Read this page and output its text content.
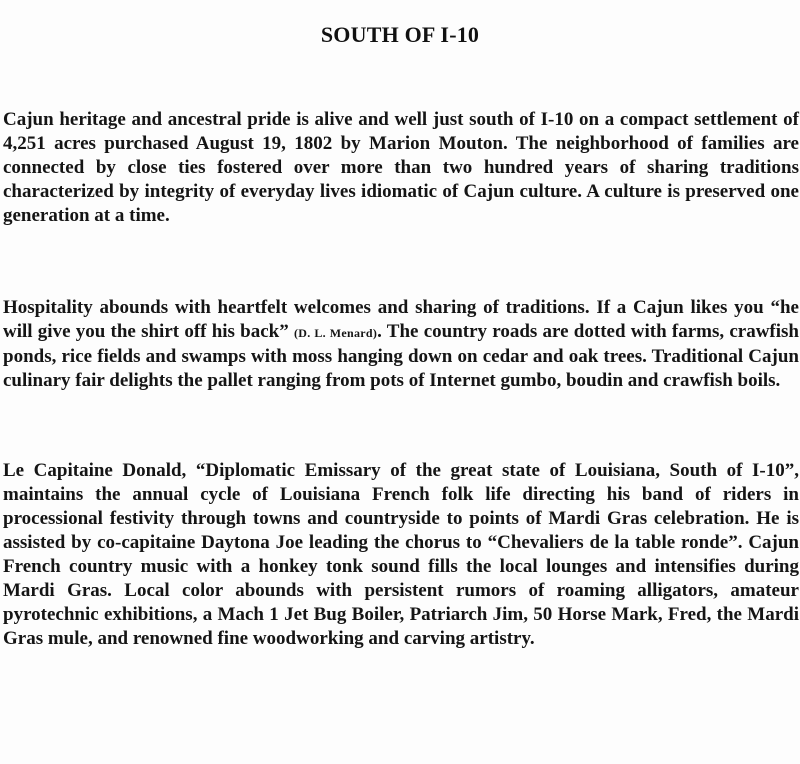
SOUTH OF I-10

Cajun heritage and ancestral pride is alive and well just south of I-10 on a compact settlement of 4,251 acres purchased August 19, 1802 by Marion Mouton. The neighborhood of families are connected by close ties fostered over more than two hundred years of sharing traditions characterized by integrity of everyday lives idiomatic of Cajun culture. A culture is preserved one generation at a time.

Hospitality abounds with heartfelt welcomes and sharing of traditions. If a Cajun likes you “he will give you the shirt off his back” (D. L. Menard). The country roads are dotted with farms, crawfish ponds, rice fields and swamps with moss hanging down on cedar and oak trees. Traditional Cajun culinary fair delights the pallet ranging from pots of Internet gumbo, boudin and crawfish boils.

Le Capitaine Donald, “Diplomatic Emissary of the great state of Louisiana, South of I-10”, maintains the annual cycle of Louisiana French folk life directing his band of riders in processional festivity through towns and countryside to points of Mardi Gras celebration. He is assisted by co-capitaine Daytona Joe leading the chorus to “Chevaliers de la table ronde”. Cajun French country music with a honkey tonk sound fills the local lounges and intensifies during Mardi Gras. Local color abounds with persistent rumors of roaming alligators, amateur pyrotechnic exhibitions, a Mach 1 Jet Bug Boiler, Patriarch Jim, 50 Horse Mark, Fred, the Mardi Gras mule, and renowned fine woodworking and carving artistry.
